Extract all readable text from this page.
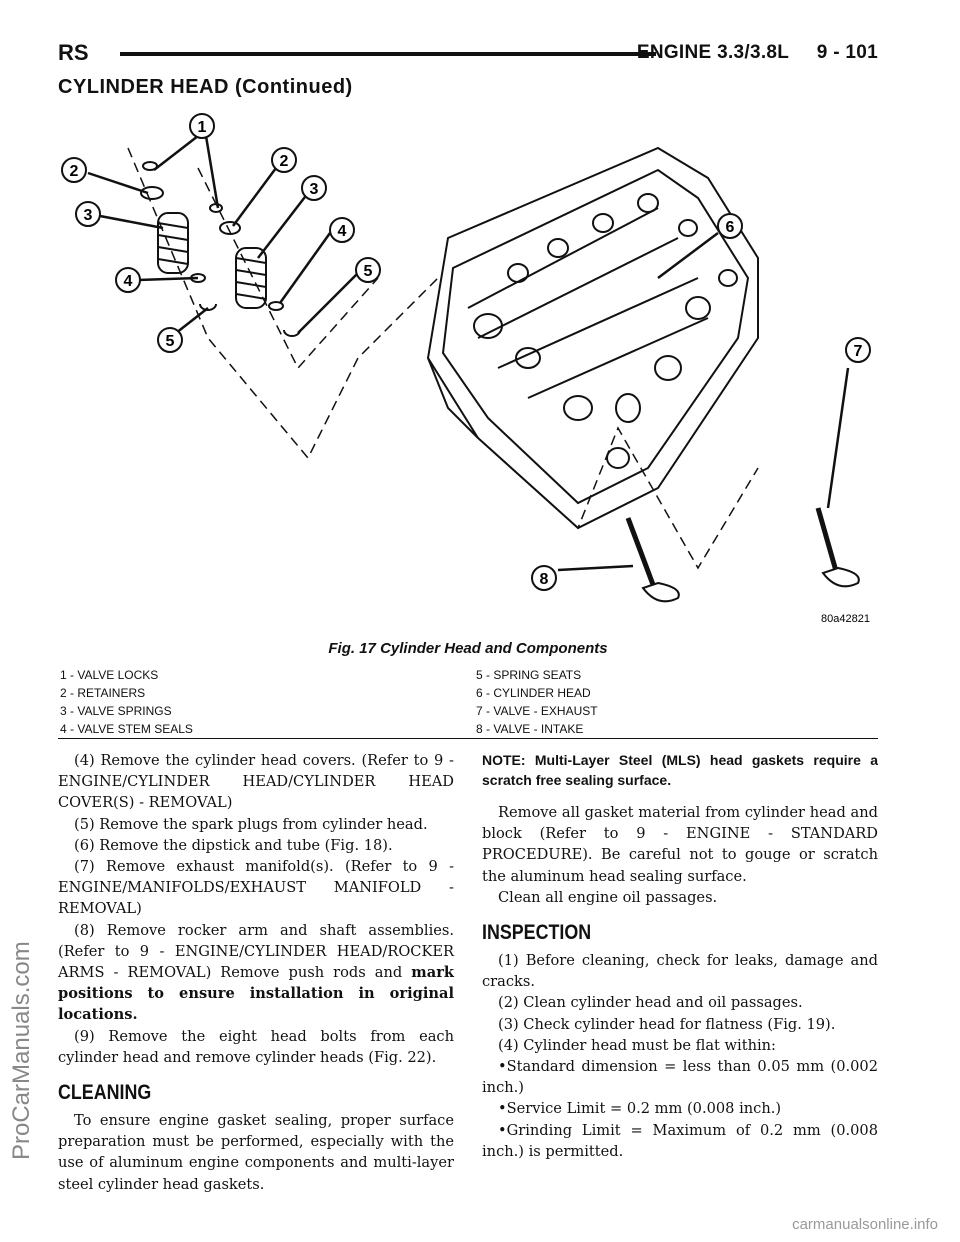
RS	ENGINE 3.3/3.8L     9 - 101
CYLINDER HEAD (Continued)
1
2
3
4
5
2
3
4
5
6
7
8
80a42821
Fig. 17 Cylinder Head and Components
1 - VALVE LOCKS
2 - RETAINERS
3 - VALVE SPRINGS
4 - VALVE STEM SEALS
5 - SPRING SEATS
6 - CYLINDER HEAD
7 - VALVE - EXHAUST
8 - VALVE - INTAKE

(4) Remove the cylinder head covers. (Refer to 9 - ENGINE/CYLINDER HEAD/CYLINDER HEAD COVER(S) - REMOVAL)

(5) Remove the spark plugs from cylinder head.

(6) Remove the dipstick and tube (Fig. 18).

(7) Remove exhaust manifold(s). (Refer to 9 - ENGINE/MANIFOLDS/EXHAUST MANIFOLD - REMOVAL)

(8) Remove rocker arm and shaft assemblies.(Refer to 9 - ENGINE/CYLINDER HEAD/ROCKER ARMS - REMOVAL) Remove push rods and mark positions to ensure installation in original locations.

(9) Remove the eight head bolts from each cylinder head and remove cylinder heads (Fig. 22).

CLEANING

To ensure engine gasket sealing, proper surface preparation must be performed, especially with the use of aluminum engine components and multi-layer steel cylinder head gaskets.

NOTE: Multi-Layer Steel (MLS) head gaskets require a scratch free sealing surface.

Remove all gasket material from cylinder head and block (Refer to 9 - ENGINE - STANDARD PROCEDURE). Be careful not to gouge or scratch the aluminum head sealing surface.

Clean all engine oil passages.

INSPECTION

(1) Before cleaning, check for leaks, damage and cracks.

(2) Clean cylinder head and oil passages.

(3) Check cylinder head for flatness (Fig. 19).

(4) Cylinder head must be flat within:

•Standard dimension = less than 0.05 mm (0.002 inch.)

•Service Limit = 0.2 mm (0.008 inch.)

•Grinding Limit = Maximum of 0.2 mm (0.008 inch.) is permitted.

ProCarManuals.com
carmanualsonline.info
